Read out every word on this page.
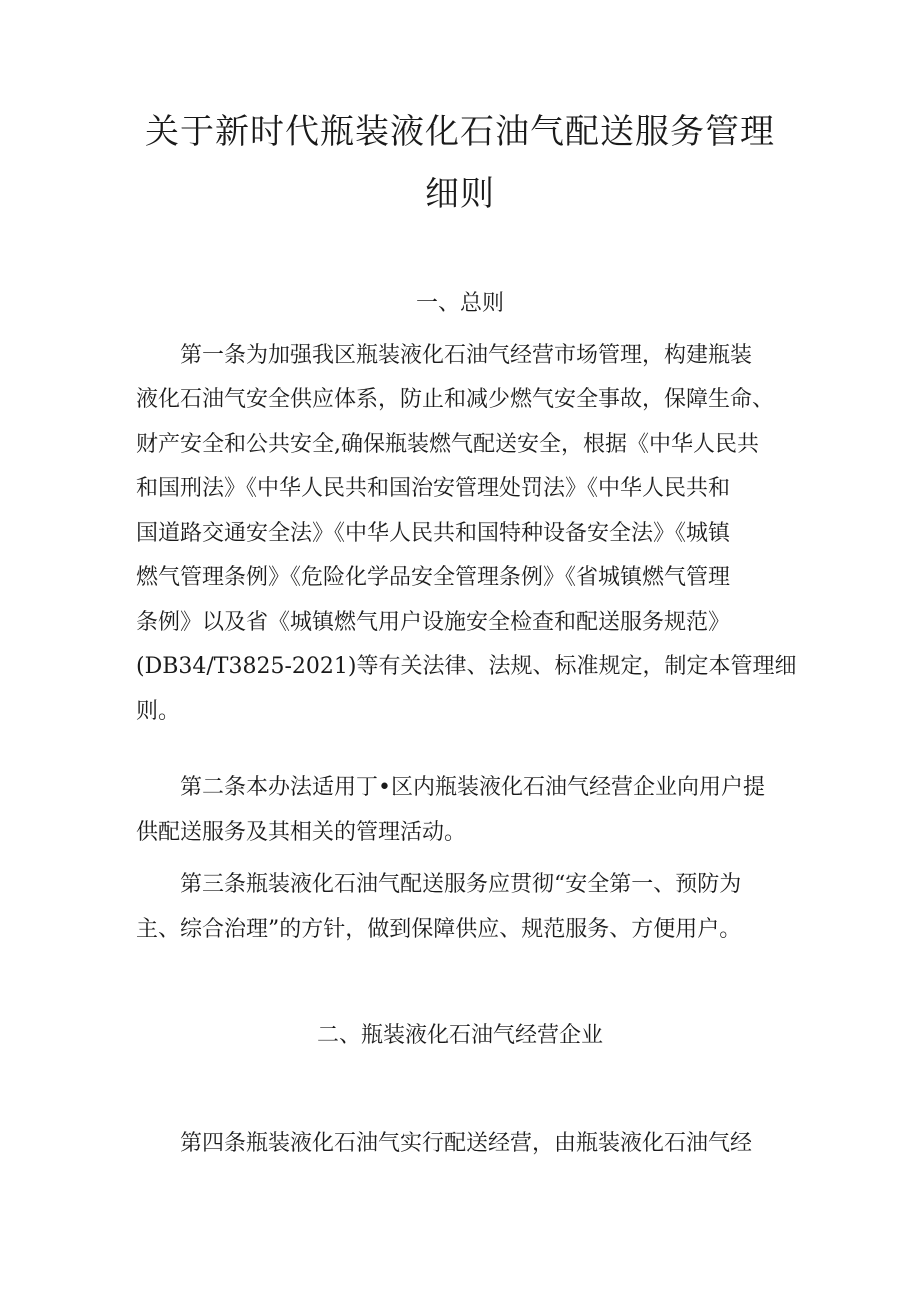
关于新时代瓶装液化石油气配送服务管理
细则
一、总则

第一条为加强我区瓶装液化石油气经营市场管理，构建瓶装

液化石油气安全供应体系，防止和减少燃气安全事故，保障生命、

财产安全和公共安全,确保瓶装燃气配送安全，根据《中华人民共

和国刑法》《中华人民共和国治安管理处罚法》《中华人民共和

国道路交通安全法》《中华人民共和国特种设备安全法》《城镇

燃气管理条例》《危险化学品安全管理条例》《省城镇燃气管理

条例》以及省《城镇燃气用户设施安全检查和配送服务规范》

(DB34/T3825-2021)等有关法律、法规、标准规定，制定本管理细

则。

第二条本办法适用丁•区内瓶装液化石油气经营企业向用户提

供配送服务及其相关的管理活动。

第三条瓶装液化石油气配送服务应贯彻“安全第一、预防为

主、综合治理”的方针，做到保障供应、规范服务、方便用户。

二、瓶装液化石油气经营企业

第四条瓶装液化石油气实行配送经营，由瓶装液化石油气经
